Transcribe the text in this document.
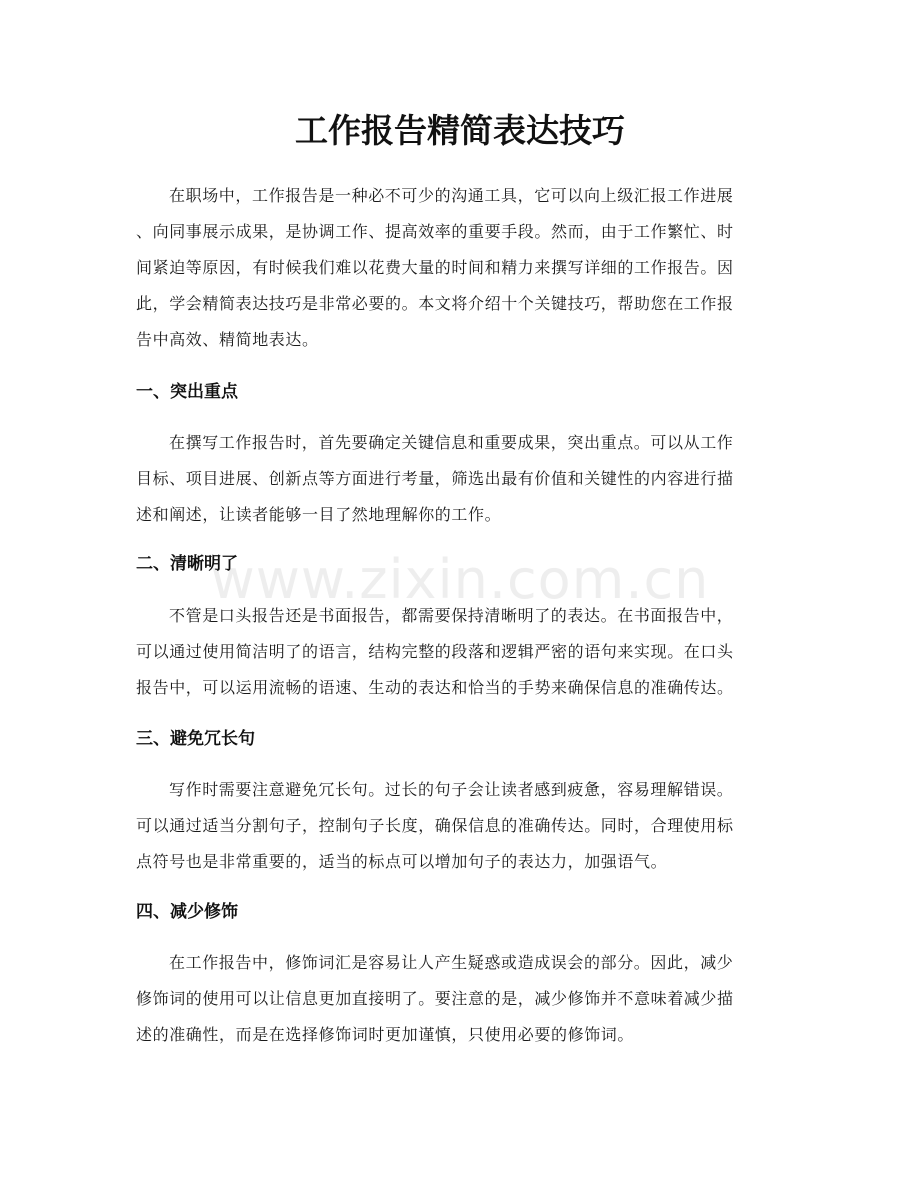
工作报告精简表达技巧

在职场中，工作报告是一种必不可少的沟通工具，它可以向上级汇报工作进展
、向同事展示成果，是协调工作、提高效率的重要手段。然而，由于工作繁忙、时
间紧迫等原因，有时候我们难以花费大量的时间和精力来撰写详细的工作报告。因
此，学会精简表达技巧是非常必要的。本文将介绍十个关键技巧，帮助您在工作报
告中高效、精简地表达。

一、突出重点

在撰写工作报告时，首先要确定关键信息和重要成果，突出重点。可以从工作
目标、项目进展、创新点等方面进行考量，筛选出最有价值和关键性的内容进行描
述和阐述，让读者能够一目了然地理解你的工作。

二、清晰明了

不管是口头报告还是书面报告，都需要保持清晰明了的表达。在书面报告中，
可以通过使用简洁明了的语言，结构完整的段落和逻辑严密的语句来实现。在口头
报告中，可以运用流畅的语速、生动的表达和恰当的手势来确保信息的准确传达。

三、避免冗长句

写作时需要注意避免冗长句。过长的句子会让读者感到疲惫，容易理解错误。
可以通过适当分割句子，控制句子长度，确保信息的准确传达。同时，合理使用标
点符号也是非常重要的，适当的标点可以增加句子的表达力，加强语气。

四、减少修饰

在工作报告中，修饰词汇是容易让人产生疑惑或造成误会的部分。因此，减少
修饰词的使用可以让信息更加直接明了。要注意的是，减少修饰并不意味着减少描
述的准确性，而是在选择修饰词时更加谨慎，只使用必要的修饰词。

www.zixin.com.cn
